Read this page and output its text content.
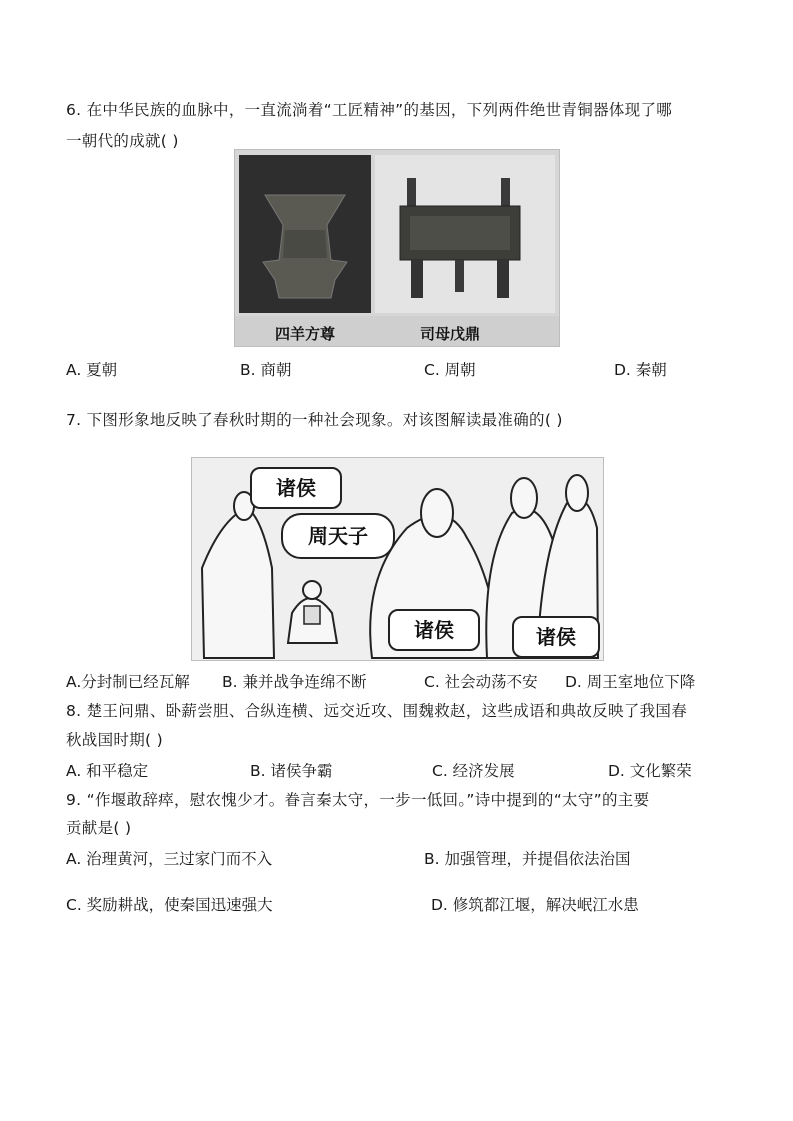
6. 在中华民族的血脉中，一直流淌着“工匠精神”的基因，下列两件绝世青铜器体现了哪
一朝代的成就( )
四羊方尊	司母戊鼎
A. 夏朝	B. 商朝	C. 周朝	D. 秦朝
7. 下图形象地反映了春秋时期的一种社会现象。对该图解读最准确的( )
诸侯
周天子
诸侯	诸侯
A.分封制已经瓦解 B. 兼并战争连绵不断	C. 社会动荡不安 D. 周王室地位下降
8. 楚王问鼎、卧薪尝胆、合纵连横、远交近攻、围魏救赵，这些成语和典故反映了我国春
秋战国时期( )
A. 和平稳定	B. 诸侯争霸	C. 经济发展	D. 文化繁荣
9. “作堰敢辞瘁，慰农愧少才。眷言秦太守，一步一低回。”诗中提到的“太守”的主要
贡献是( )
A. 治理黄河，三过家门而不入	B. 加强管理，并提倡依法治国
C. 奖励耕战，使秦国迅速强大	D. 修筑都江堰，解决岷江水患
